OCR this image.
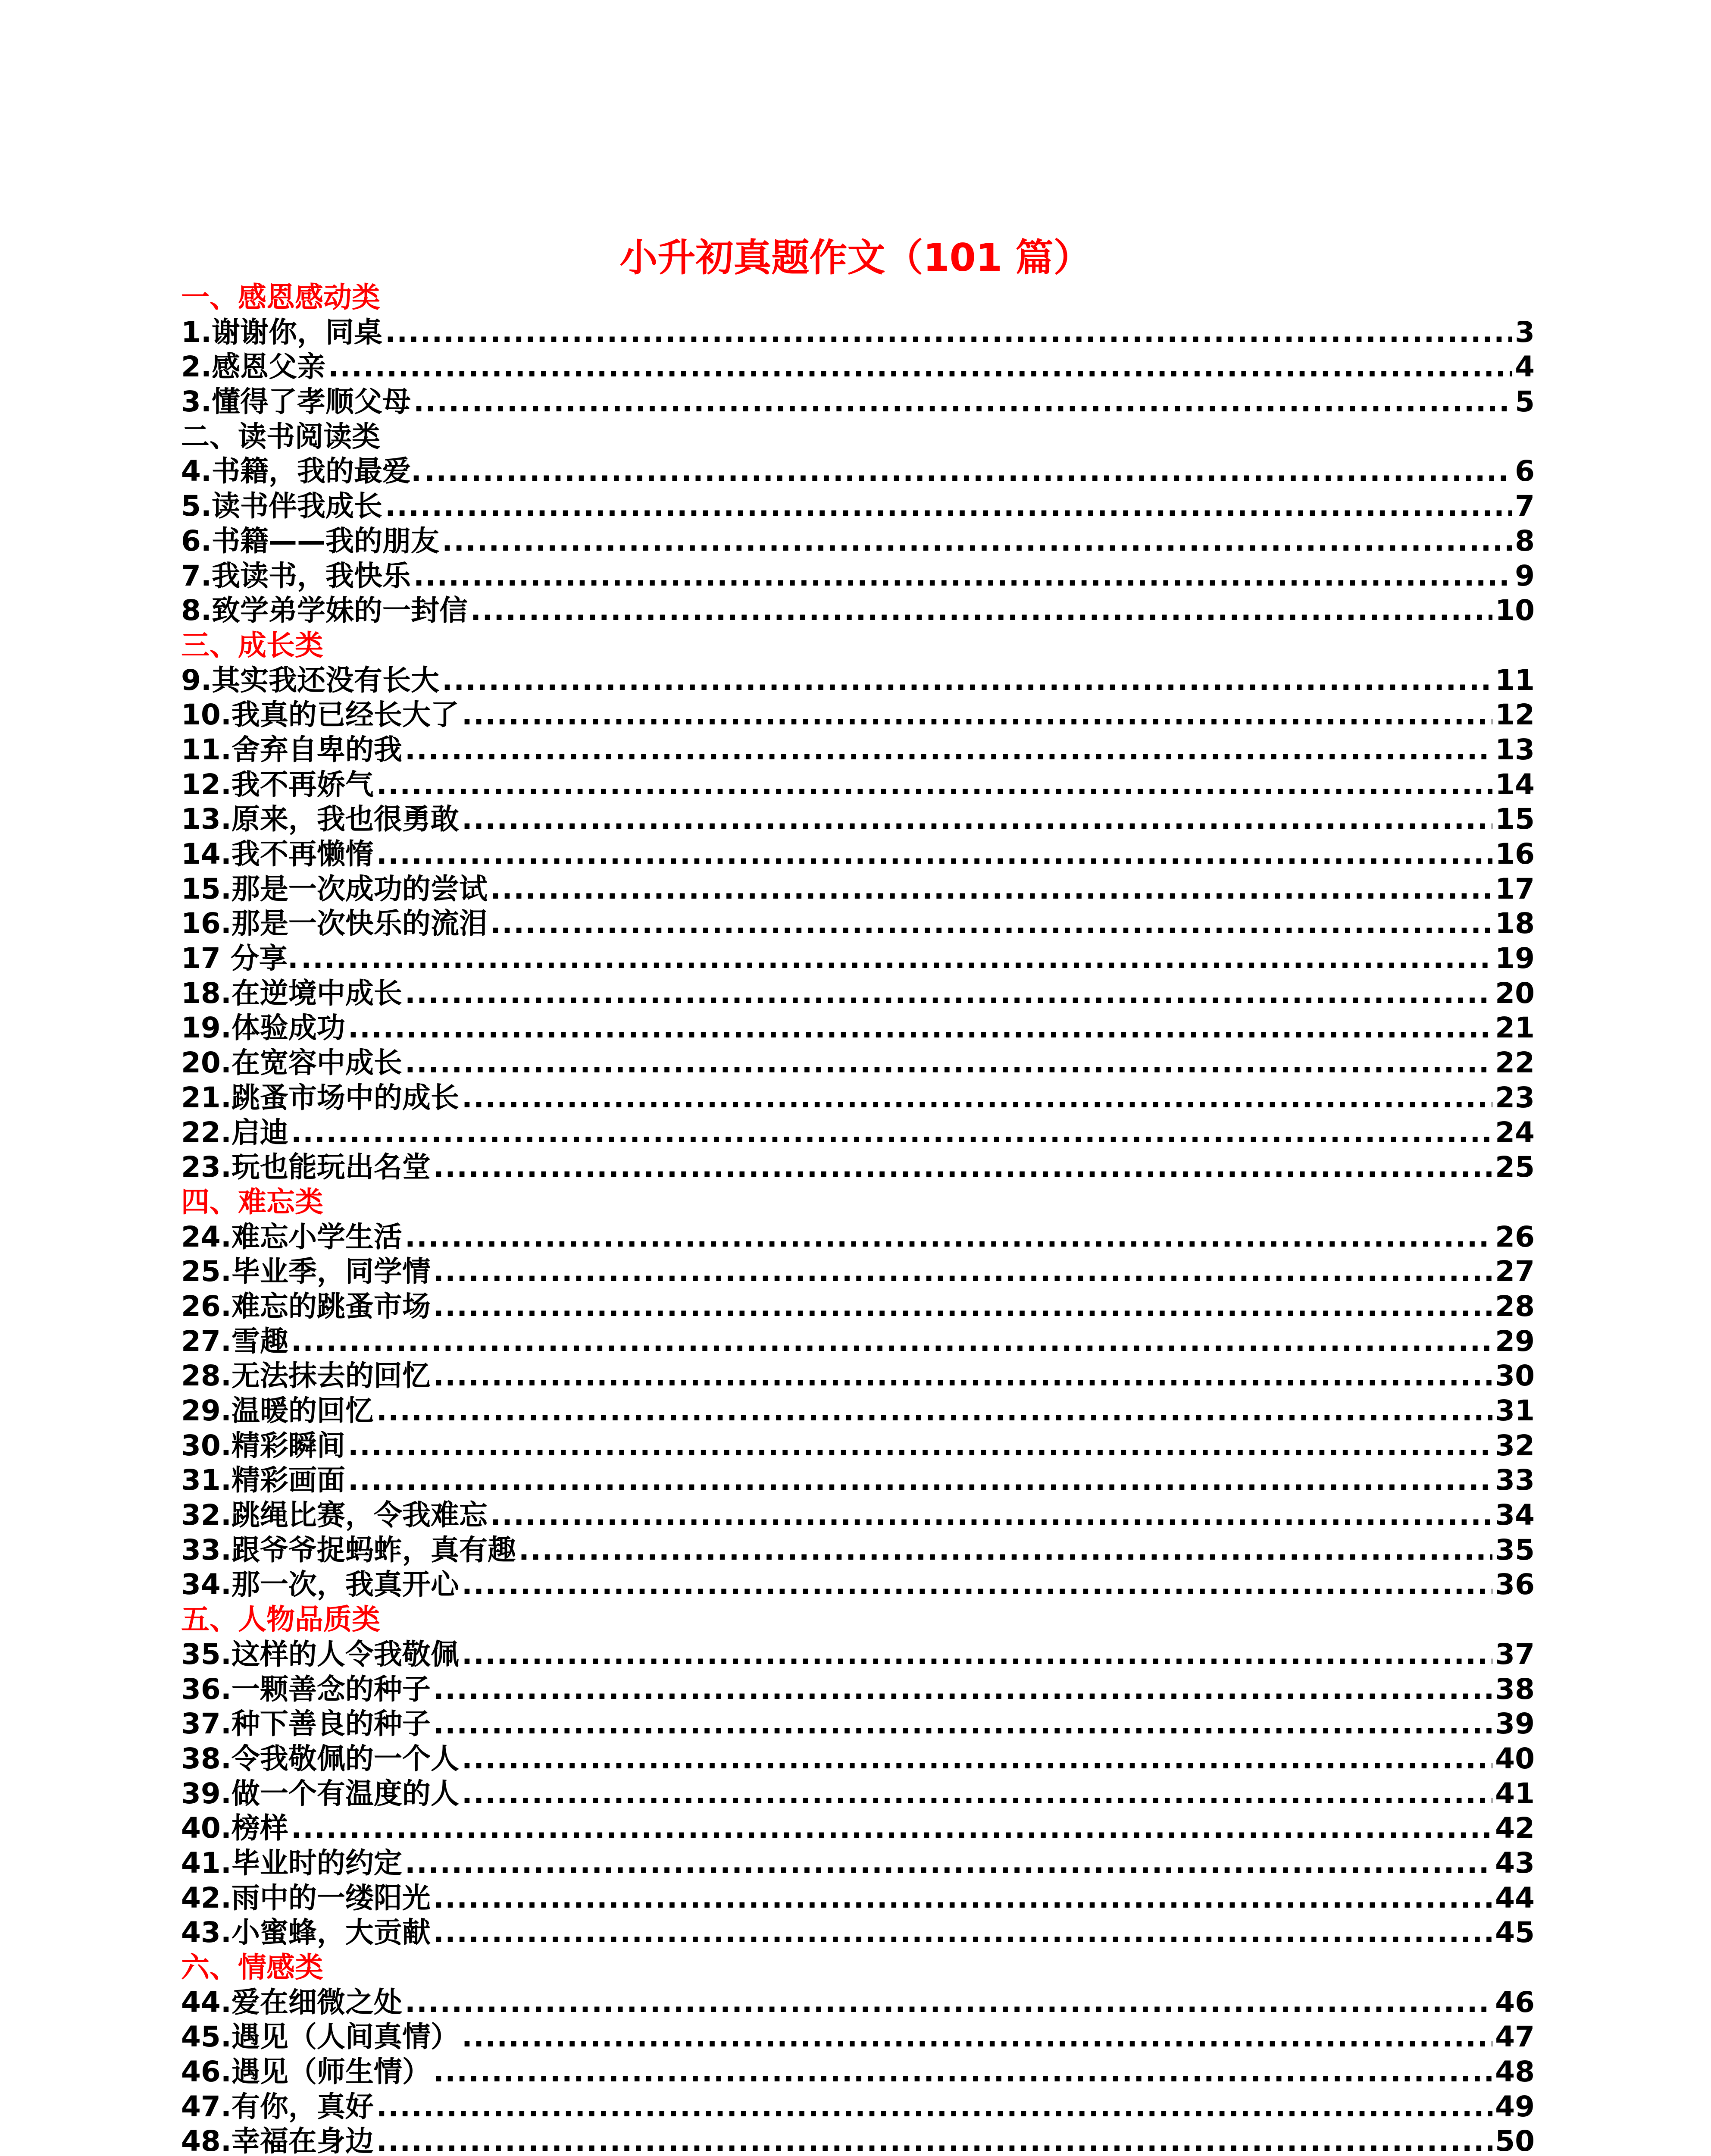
小升初真题作文（101 篇）
一、感恩感动类
1.谢谢你，同桌 .....	3
2.感恩父亲 .....	4
3.懂得了孝顺父母 .....	5
二、读书阅读类
4.书籍，我的最爱. .....	6
5.读书伴我成长 .....	7
6.书籍——我的朋友 .....	8
7.我读书，我快乐 .....	9
8.致学弟学妹的一封信 .....	10
三、成长类
9.其实我还没有长大 .....	11
10.我真的已经长大了 .....	12
11.舍弃自卑的我 .....	13
12.我不再娇气 .....	14
13.原来，我也很勇敢 .....	15
14.我不再懒惰 .....	16
15.那是一次成功的尝试 .....	17
16.那是一次快乐的流泪 .....	18
17 分享. .....	19
18.在逆境中成长 .....	20
19.体验成功 .....	21
20.在宽容中成长 .....	22
21.跳蚤市场中的成长 .....	23
22.启迪 .....	24
23.玩也能玩出名堂 .....	25
四、难忘类
24.难忘小学生活 .....	26
25.毕业季，同学情 .....	27
26.难忘的跳蚤市场 .....	28
27.雪趣 .....	29
28.无法抹去的回忆 .....	30
29.温暖的回忆 .....	31
30.精彩瞬间 .....	32
31.精彩画面 .....	33
32.跳绳比赛，令我难忘 .....	34
33.跟爷爷捉蚂蚱，真有趣 .....	35
34.那一次，我真开心 .....	36
五、人物品质类
35.这样的人令我敬佩 .....	37
36.一颗善念的种子 .....	38
37.种下善良的种子 .....	39
38.令我敬佩的一个人 .....	40
39.做一个有温度的人 .....	41
40.榜样 .....	42
41.毕业时的约定 .....	43
42.雨中的一缕阳光 .....	44
43.小蜜蜂，大贡献 .....	45
六、情感类
44.爱在细微之处 .....	46
45.遇见（人间真情） .....	47
46.遇见（师生情） .....	48
47.有你，真好 .....	49
48.幸福在身边 .....	50
